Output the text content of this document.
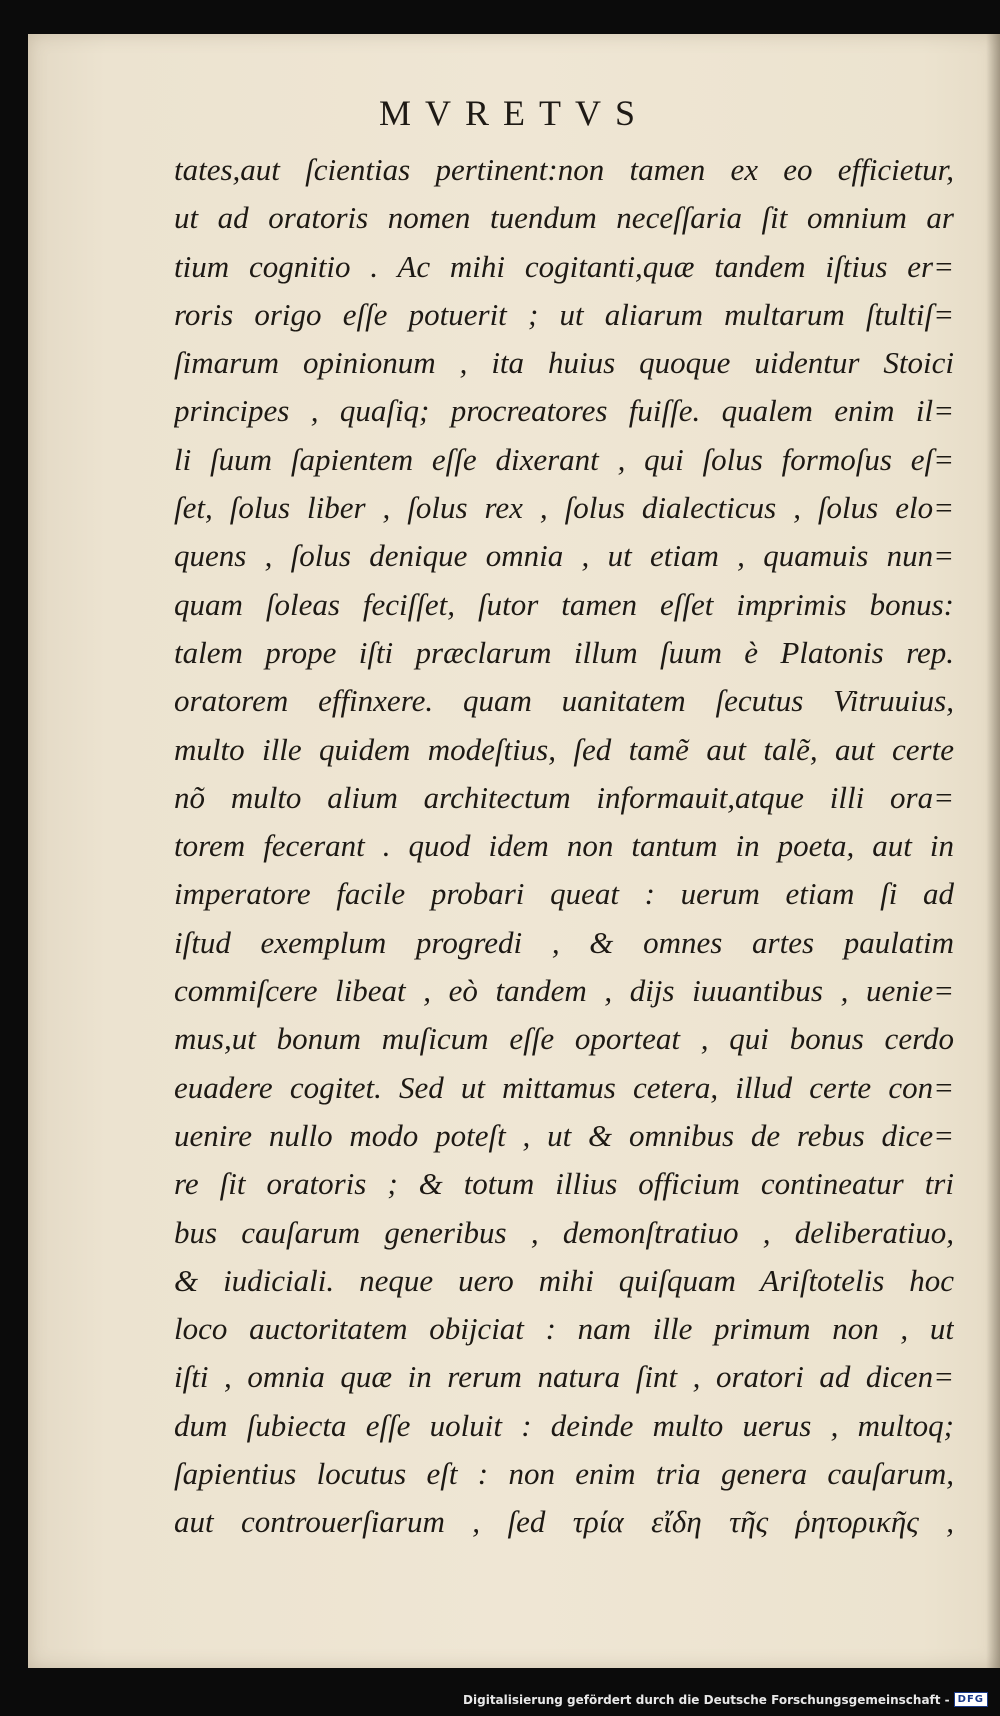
MVRETVS
tates,aut ſcientias pertinent:non tamen ex eo efficietur,
ut ad oratoris nomen tuendum neceſſaria ſit omnium ar
tium cognitio . Ac mihi cogitanti,quæ tandem iſtius er=
roris origo eſſe potuerit ; ut aliarum multarum ſtultiſ=
ſimarum opinionum , ita huius quoque uidentur Stoici
principes , quaſiq; procreatores fuiſſe. qualem enim il=
li ſuum ſapientem eſſe dixerant , qui ſolus formoſus eſ=
ſet, ſolus liber , ſolus rex , ſolus dialecticus , ſolus elo=
quens , ſolus denique omnia , ut etiam , quamuis nun=
quam ſoleas feciſſet, ſutor tamen eſſet imprimis bonus:
talem prope iſti præclarum illum ſuum è Platonis rep.
oratorem effinxere. quam uanitatem ſecutus Vitruuius,
multo ille quidem modeſtius, ſed tamẽ aut talẽ, aut certe
nõ multo alium architectum informauit,atque illi ora=
torem fecerant . quod idem non tantum in poeta, aut in
imperatore facile probari queat : uerum etiam ſi ad
iſtud exemplum progredi , & omnes artes paulatim
commiſcere libeat , eò tandem , dijs iuuantibus , uenie=
mus,ut bonum muſicum eſſe oporteat , qui bonus cerdo
euadere cogitet. Sed ut mittamus cetera, illud certe con=
uenire nullo modo poteſt , ut & omnibus de rebus dice=
re ſit oratoris ; & totum illius officium contineatur tri
bus cauſarum generibus , demonſtratiuo , deliberatiuo,
& iudiciali. neque uero mihi quiſquam Ariſtotelis hoc
loco auctoritatem obijciat : nam ille primum non , ut
iſti , omnia quæ in rerum natura ſint , oratori ad dicen=
dum ſubiecta eſſe uoluit : deinde multo uerus , multoq;
ſapientius locutus eſt : non enim tria genera cauſarum,
aut controuerſiarum , ſed τρία εἴδη τῆς ῥητορικῆς ,
Digitalisierung gefördert durch die Deutsche Forschungsgemeinschaft - DFG
